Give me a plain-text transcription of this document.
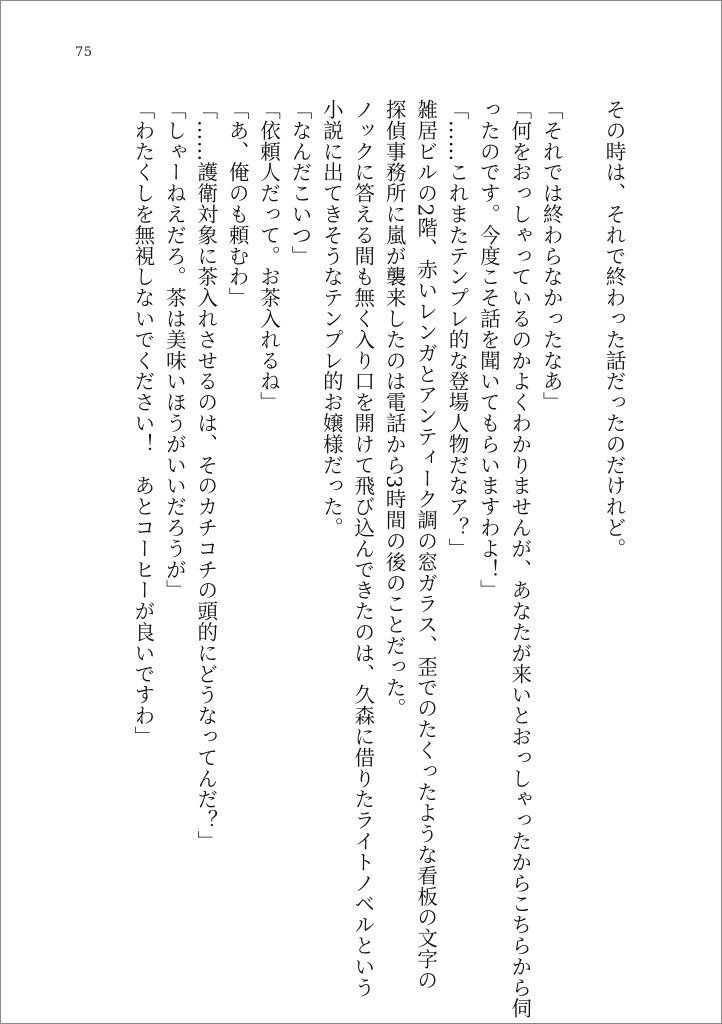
75
その時は、それで終わった話だったのだけれど。
「それでは終わらなかったなあ」
「何をおっしゃっているのかよくわかりませんが、あなたが来いとおっしゃったからこちらから伺
ったのです。今度こそ話を聞いてもらいますわよ！」
「……これまたテンプレ的な登場人物だなア？」
雑居ビルの2階、赤いレンガとアンティーク調の窓ガラス、歪でのたくったような看板の文字の
探偵事務所に嵐が襲来したのは電話から3時間の後のことだった。
ノックに答える間も無く入り口を開けて飛び込んできたのは、久森に借りたライトノベルという
小説に出てきそうなテンプレ的お嬢様だった。
「なんだこいつ」
「依頼人だって。お茶入れるね」
「あ、俺のも頼むわ」
「……護衛対象に茶入れさせるのは、そのカチコチの頭的にどうなってんだ？」
「しゃーねえだろ。茶は美味いほうがいいだろうが」
「わたくしを無視しないでください！　あとコーヒーが良いですわ」
